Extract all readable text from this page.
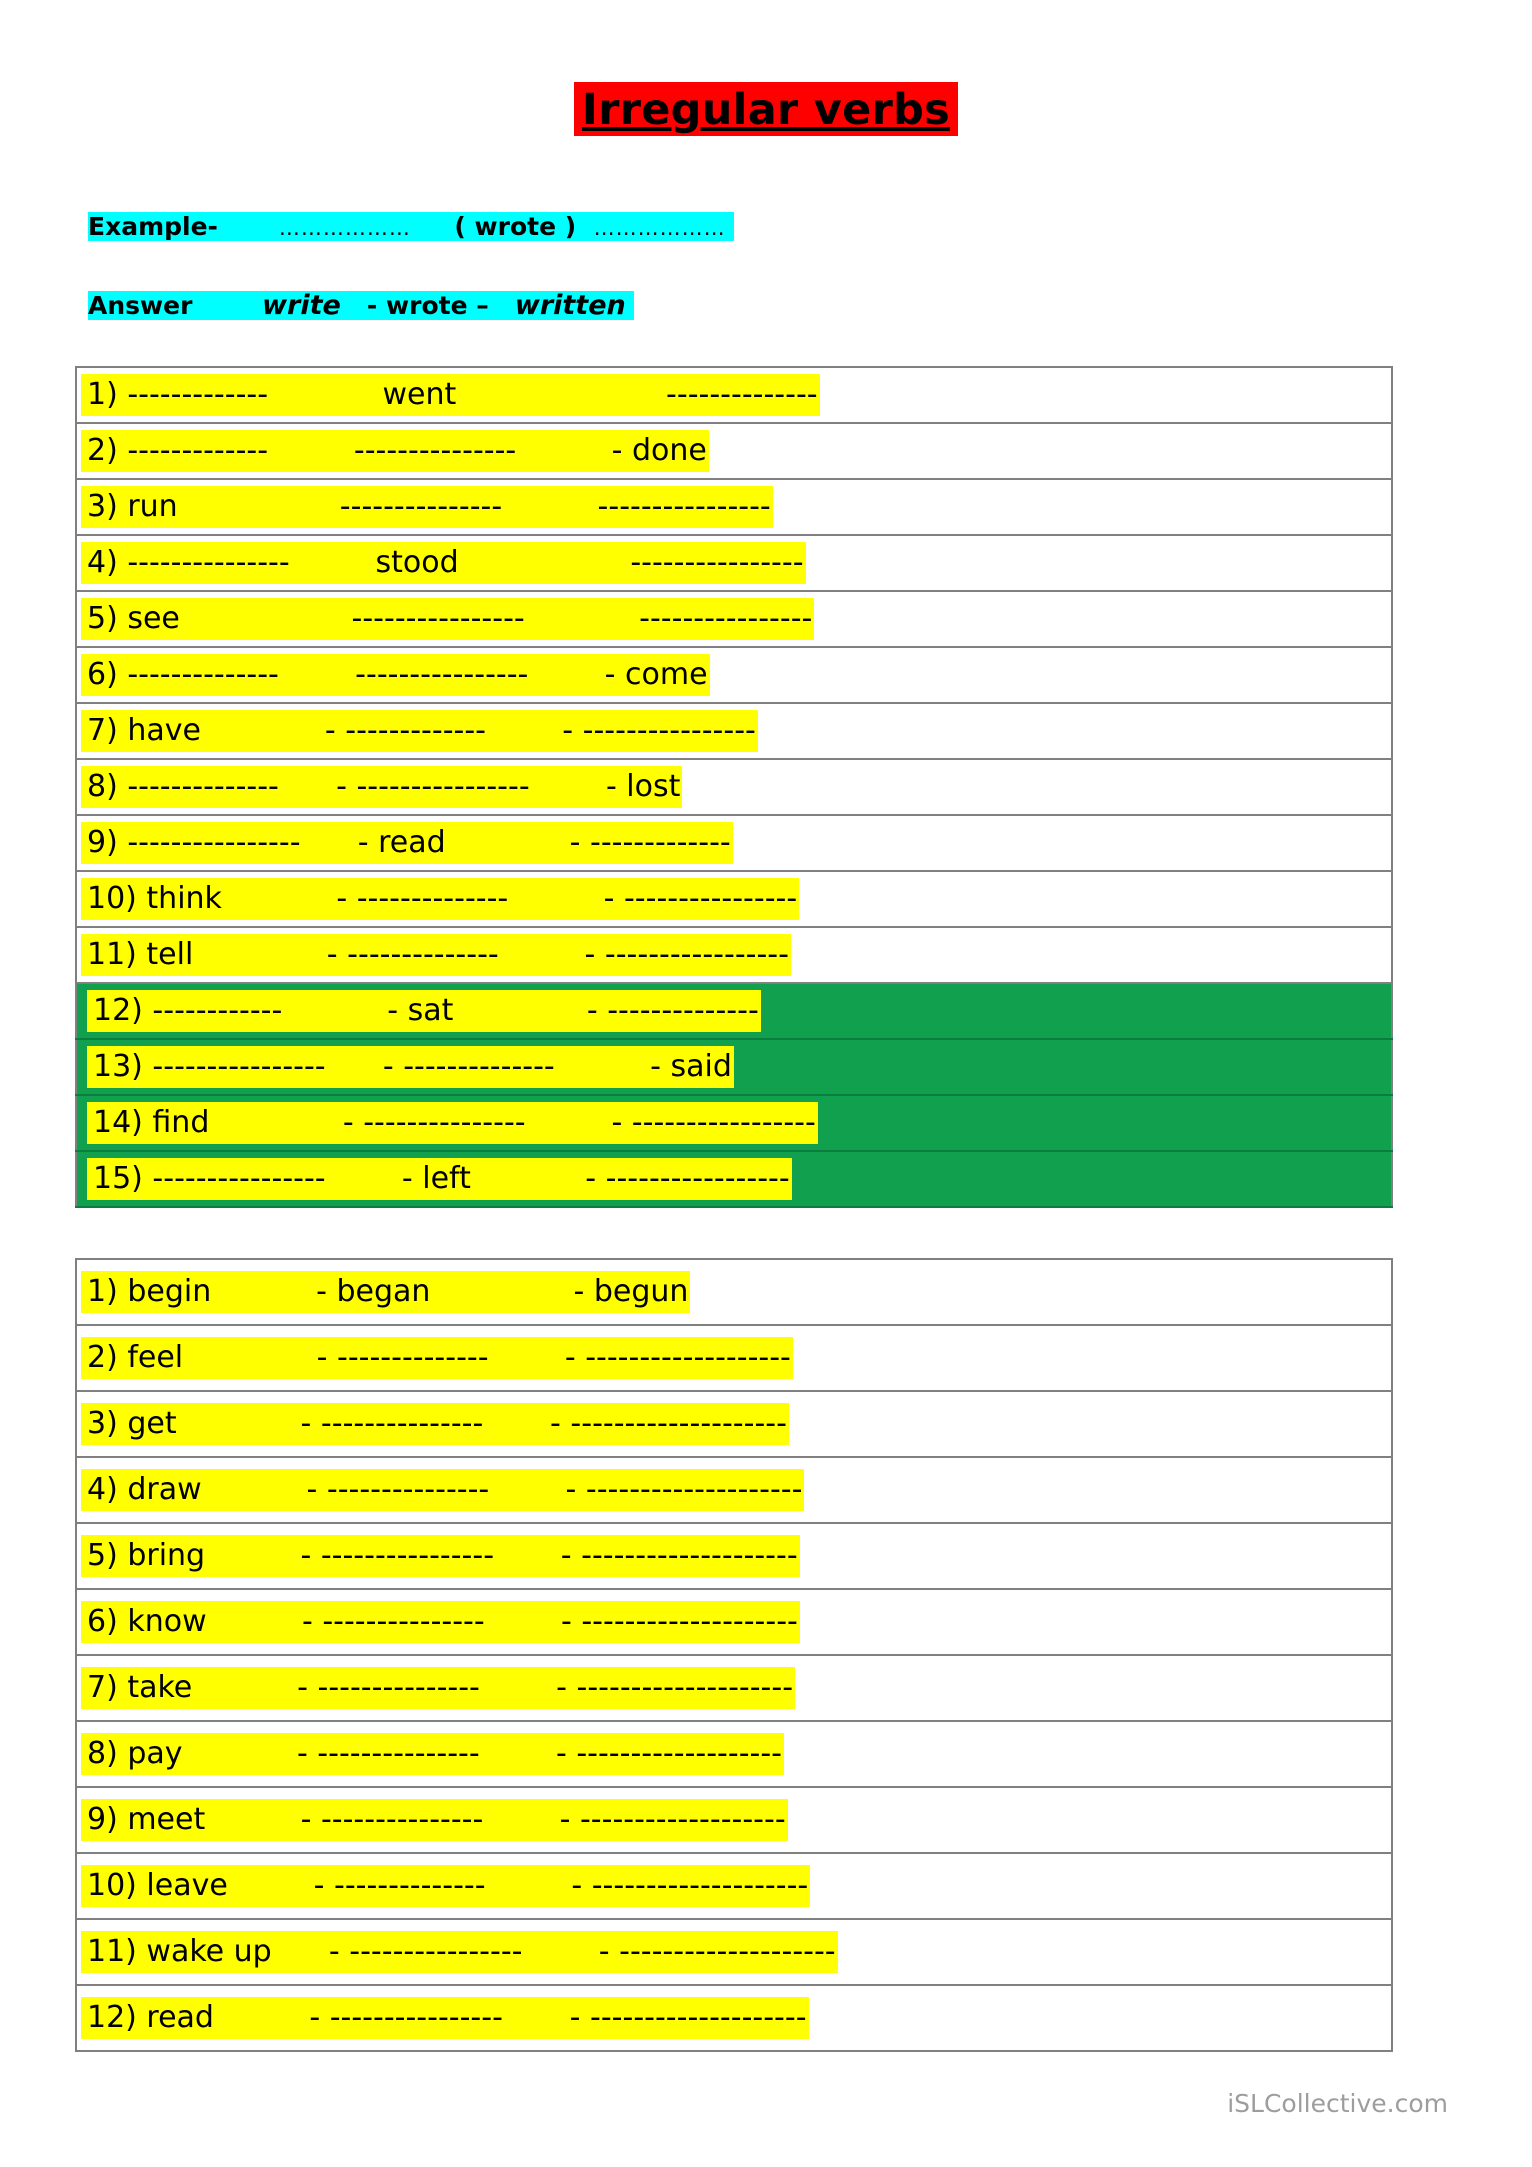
Irregular verbs
Example-	……………… ( wrote ) ………………
Answer	write - wrote – written
1) -------------            went                      --------------
2) -------------         ---------------          - done
3) run                 ---------------          ----------------
4) ---------------         stood                  ----------------
5) see                  ----------------            ----------------
6) --------------        ----------------        - come
7) have             - -------------        - ----------------
8) --------------      - ----------------        - lost
9) ----------------      - read             - -------------
10) think            - --------------          - ----------------
11) tell              - --------------         - -----------------
12) ------------           - sat              - --------------
13) ----------------      - --------------          - said
14) find              - ---------------         - -----------------
15) ----------------        - left            - -----------------
1) begin           - began               - begun
2) feel              - --------------        - -------------------
3) get             - ---------------       - --------------------
4) draw           - ---------------        - --------------------
5) bring          - ----------------       - --------------------
6) know          - ---------------        - --------------------
7) take           - ---------------        - --------------------
8) pay            - ---------------        - -------------------
9) meet          - ---------------        - -------------------
10) leave         - --------------         - --------------------
11) wake up      - ----------------        - --------------------
12) read          - ----------------       - --------------------
iSLCollective.com
